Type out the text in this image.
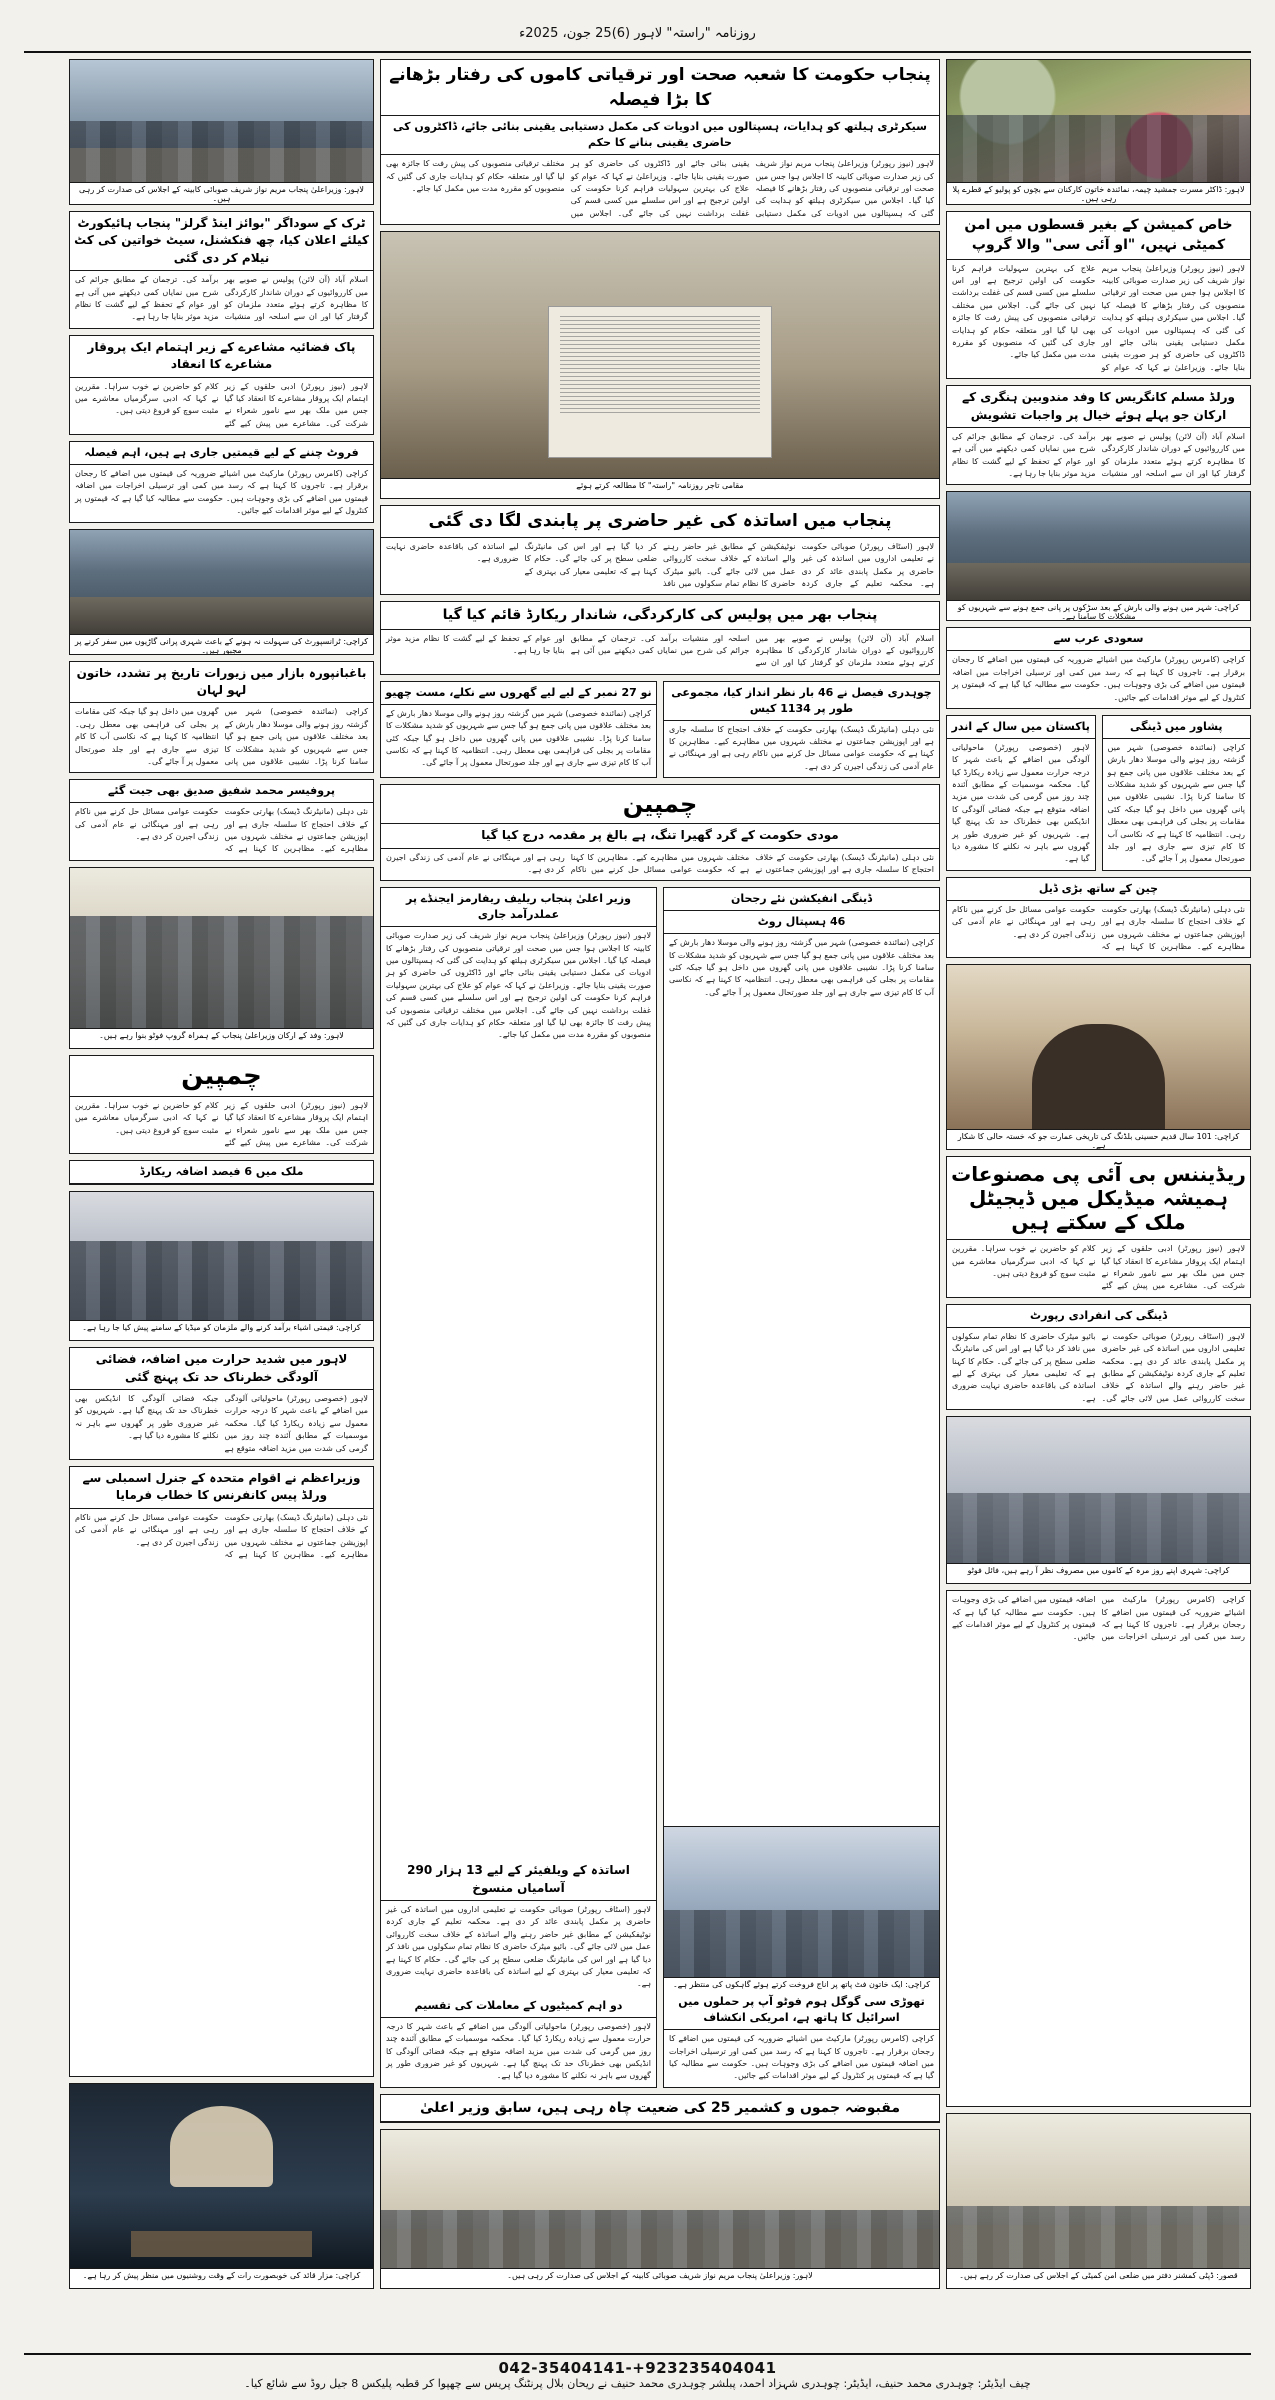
روزنامہ "راستہ" لاہور (6)25 جون، 2025ء
لاہور: ڈاکٹر مسرت جمشید چیمہ، نمائندہ خاتون کارکنان سے بچوں کو پولیو کے قطرے پلا رہی ہیں۔
خاص کمیشن کے بغیر قسطوں میں امن کمیٹی نہیں، "او آئی سی" والا گروپ
لاہور (نیوز رپورٹر) وزیراعلیٰ پنجاب مریم نواز شریف کی زیر صدارت صوبائی کابینہ کا اجلاس ہوا جس میں صحت اور ترقیاتی منصوبوں کی رفتار بڑھانے کا فیصلہ کیا گیا۔ اجلاس میں سیکرٹری ہیلتھ کو ہدایت کی گئی کہ ہسپتالوں میں ادویات کی مکمل دستیابی یقینی بنائی جائے اور ڈاکٹروں کی حاضری کو ہر صورت یقینی بنایا جائے۔ وزیراعلیٰ نے کہا کہ عوام کو علاج کی بہترین سہولیات فراہم کرنا حکومت کی اولین ترجیح ہے اور اس سلسلے میں کسی قسم کی غفلت برداشت نہیں کی جائے گی۔ اجلاس میں مختلف ترقیاتی منصوبوں کی پیش رفت کا جائزہ بھی لیا گیا اور متعلقہ حکام کو ہدایات جاری کی گئیں کہ منصوبوں کو مقررہ مدت میں مکمل کیا جائے۔
ورلڈ مسلم کانگریس کا وفد مندوبین ہنگری کے ارکان جو پہلے ہوئے خیال پر واجبات تشویش
اسلام آباد (آن لائن) پولیس نے صوبے بھر میں کارروائیوں کے دوران شاندار کارکردگی کا مظاہرہ کرتے ہوئے متعدد ملزمان کو گرفتار کیا اور ان سے اسلحہ اور منشیات برآمد کی۔ ترجمان کے مطابق جرائم کی شرح میں نمایاں کمی دیکھنے میں آئی ہے اور عوام کے تحفظ کے لیے گشت کا نظام مزید موثر بنایا جا رہا ہے۔
کراچی: شہر میں ہونے والی بارش کے بعد سڑکوں پر پانی جمع ہونے سے شہریوں کو مشکلات کا سامنا ہے۔
سعودی عرب سے
کراچی (کامرس رپورٹر) مارکیٹ میں اشیائے ضروریہ کی قیمتوں میں اضافے کا رجحان برقرار ہے۔ تاجروں کا کہنا ہے کہ رسد میں کمی اور ترسیلی اخراجات میں اضافہ قیمتوں میں اضافے کی بڑی وجوہات ہیں۔ حکومت سے مطالبہ کیا گیا ہے کہ قیمتوں پر کنٹرول کے لیے موثر اقدامات کیے جائیں۔
پشاور میں ڈینگی
کراچی (نمائندہ خصوصی) شہر میں گزشتہ روز ہونے والی موسلا دھار بارش کے بعد مختلف علاقوں میں پانی جمع ہو گیا جس سے شہریوں کو شدید مشکلات کا سامنا کرنا پڑا۔ نشیبی علاقوں میں پانی گھروں میں داخل ہو گیا جبکہ کئی مقامات پر بجلی کی فراہمی بھی معطل رہی۔ انتظامیہ کا کہنا ہے کہ نکاسی آب کا کام تیزی سے جاری ہے اور جلد صورتحال معمول پر آ جائے گی۔
پاکستان میں سال کے اندر
لاہور (خصوصی رپورٹر) ماحولیاتی آلودگی میں اضافے کے باعث شہر کا درجہ حرارت معمول سے زیادہ ریکارڈ کیا گیا۔ محکمہ موسمیات کے مطابق آئندہ چند روز میں گرمی کی شدت میں مزید اضافہ متوقع ہے جبکہ فضائی آلودگی کا انڈیکس بھی خطرناک حد تک پہنچ گیا ہے۔ شہریوں کو غیر ضروری طور پر گھروں سے باہر نہ نکلنے کا مشورہ دیا گیا ہے۔
چین کے ساتھ بڑی ڈیل
نئی دہلی (مانیٹرنگ ڈیسک) بھارتی حکومت کے خلاف احتجاج کا سلسلہ جاری ہے اور اپوزیشن جماعتوں نے مختلف شہروں میں مظاہرے کیے۔ مظاہرین کا کہنا ہے کہ حکومت عوامی مسائل حل کرنے میں ناکام رہی ہے اور مہنگائی نے عام آدمی کی زندگی اجیرن کر دی ہے۔
کراچی: 101 سال قدیم حسینی بلڈنگ کی تاریخی عمارت جو کہ خستہ حالی کا شکار ہے۔
ریڈیننس بی آئی پی مصنوعات ہمیشہ میڈیکل میں ڈیجیٹل ملک کے سکتے ہیں
لاہور (نیوز رپورٹر) ادبی حلقوں کے زیر اہتمام ایک پروقار مشاعرے کا انعقاد کیا گیا جس میں ملک بھر سے نامور شعراء نے شرکت کی۔ مشاعرے میں پیش کیے گئے کلام کو حاضرین نے خوب سراہا۔ مقررین نے کہا کہ ادبی سرگرمیاں معاشرے میں مثبت سوچ کو فروغ دیتی ہیں۔
ڈینگی کی انفرادی رپورٹ
لاہور (اسٹاف رپورٹر) صوبائی حکومت نے تعلیمی اداروں میں اساتذہ کی غیر حاضری پر مکمل پابندی عائد کر دی ہے۔ محکمہ تعلیم کے جاری کردہ نوٹیفکیشن کے مطابق غیر حاضر رہنے والے اساتذہ کے خلاف سخت کارروائی عمل میں لائی جائے گی۔ بائیو میٹرک حاضری کا نظام تمام سکولوں میں نافذ کر دیا گیا ہے اور اس کی مانیٹرنگ ضلعی سطح پر کی جائے گی۔ حکام کا کہنا ہے کہ تعلیمی معیار کی بہتری کے لیے اساتذہ کی باقاعدہ حاضری نہایت ضروری ہے۔
کراچی: شہری اپنے روز مرہ کے کاموں میں مصروف نظر آ رہے ہیں، فائل فوٹو
کراچی (کامرس رپورٹر) مارکیٹ میں اشیائے ضروریہ کی قیمتوں میں اضافے کا رجحان برقرار ہے۔ تاجروں کا کہنا ہے کہ رسد میں کمی اور ترسیلی اخراجات میں اضافہ قیمتوں میں اضافے کی بڑی وجوہات ہیں۔ حکومت سے مطالبہ کیا گیا ہے کہ قیمتوں پر کنٹرول کے لیے موثر اقدامات کیے جائیں۔
قصور: ڈپٹی کمشنر دفتر میں ضلعی امن کمیٹی کے اجلاس کی صدارت کر رہے ہیں۔
پنجاب حکومت کا شعبہ صحت اور ترقیاتی کاموں کی رفتار بڑھانے کا بڑا فیصلہ
سیکرٹری ہیلتھ کو ہدایات، ہسپتالوں میں ادویات کی مکمل دستیابی یقینی بنائی جائے، ڈاکٹروں کی حاضری یقینی بنانے کا حکم
لاہور (نیوز رپورٹر) وزیراعلیٰ پنجاب مریم نواز شریف کی زیر صدارت صوبائی کابینہ کا اجلاس ہوا جس میں صحت اور ترقیاتی منصوبوں کی رفتار بڑھانے کا فیصلہ کیا گیا۔ اجلاس میں سیکرٹری ہیلتھ کو ہدایت کی گئی کہ ہسپتالوں میں ادویات کی مکمل دستیابی یقینی بنائی جائے اور ڈاکٹروں کی حاضری کو ہر صورت یقینی بنایا جائے۔ وزیراعلیٰ نے کہا کہ عوام کو علاج کی بہترین سہولیات فراہم کرنا حکومت کی اولین ترجیح ہے اور اس سلسلے میں کسی قسم کی غفلت برداشت نہیں کی جائے گی۔ اجلاس میں مختلف ترقیاتی منصوبوں کی پیش رفت کا جائزہ بھی لیا گیا اور متعلقہ حکام کو ہدایات جاری کی گئیں کہ منصوبوں کو مقررہ مدت میں مکمل کیا جائے۔
مقامی تاجر روزنامہ "راستہ" کا مطالعہ کرتے ہوئے
پنجاب میں اساتذہ کی غیر حاضری پر پابندی لگا دی گئی
لاہور (اسٹاف رپورٹر) صوبائی حکومت نے تعلیمی اداروں میں اساتذہ کی غیر حاضری پر مکمل پابندی عائد کر دی ہے۔ محکمہ تعلیم کے جاری کردہ نوٹیفکیشن کے مطابق غیر حاضر رہنے والے اساتذہ کے خلاف سخت کارروائی عمل میں لائی جائے گی۔ بائیو میٹرک حاضری کا نظام تمام سکولوں میں نافذ کر دیا گیا ہے اور اس کی مانیٹرنگ ضلعی سطح پر کی جائے گی۔ حکام کا کہنا ہے کہ تعلیمی معیار کی بہتری کے لیے اساتذہ کی باقاعدہ حاضری نہایت ضروری ہے۔
پنجاب بھر میں پولیس کی کارکردگی، شاندار ریکارڈ قائم کیا گیا
اسلام آباد (آن لائن) پولیس نے صوبے بھر میں کارروائیوں کے دوران شاندار کارکردگی کا مظاہرہ کرتے ہوئے متعدد ملزمان کو گرفتار کیا اور ان سے اسلحہ اور منشیات برآمد کی۔ ترجمان کے مطابق جرائم کی شرح میں نمایاں کمی دیکھنے میں آئی ہے اور عوام کے تحفظ کے لیے گشت کا نظام مزید موثر بنایا جا رہا ہے۔
چوہدری فیصل نے 46 بار نظر انداز کیا، مجموعی طور پر 1134 کیس
نئی دہلی (مانیٹرنگ ڈیسک) بھارتی حکومت کے خلاف احتجاج کا سلسلہ جاری ہے اور اپوزیشن جماعتوں نے مختلف شہروں میں مظاہرے کیے۔ مظاہرین کا کہنا ہے کہ حکومت عوامی مسائل حل کرنے میں ناکام رہی ہے اور مہنگائی نے عام آدمی کی زندگی اجیرن کر دی ہے۔
نو 27 نمبر کے لیے لیے گھروں سے نکلے، مست چھیو
کراچی (نمائندہ خصوصی) شہر میں گزشتہ روز ہونے والی موسلا دھار بارش کے بعد مختلف علاقوں میں پانی جمع ہو گیا جس سے شہریوں کو شدید مشکلات کا سامنا کرنا پڑا۔ نشیبی علاقوں میں پانی گھروں میں داخل ہو گیا جبکہ کئی مقامات پر بجلی کی فراہمی بھی معطل رہی۔ انتظامیہ کا کہنا ہے کہ نکاسی آب کا کام تیزی سے جاری ہے اور جلد صورتحال معمول پر آ جائے گی۔
چمپین
مودی حکومت کے گرد گھیرا تنگ، ہے بالغ پر مقدمہ درج کیا گیا
نئی دہلی (مانیٹرنگ ڈیسک) بھارتی حکومت کے خلاف احتجاج کا سلسلہ جاری ہے اور اپوزیشن جماعتوں نے مختلف شہروں میں مظاہرے کیے۔ مظاہرین کا کہنا ہے کہ حکومت عوامی مسائل حل کرنے میں ناکام رہی ہے اور مہنگائی نے عام آدمی کی زندگی اجیرن کر دی ہے۔
ڈینگی انفیکشن نئے رجحان
46 ہسپتال روٹ
کراچی (نمائندہ خصوصی) شہر میں گزشتہ روز ہونے والی موسلا دھار بارش کے بعد مختلف علاقوں میں پانی جمع ہو گیا جس سے شہریوں کو شدید مشکلات کا سامنا کرنا پڑا۔ نشیبی علاقوں میں پانی گھروں میں داخل ہو گیا جبکہ کئی مقامات پر بجلی کی فراہمی بھی معطل رہی۔ انتظامیہ کا کہنا ہے کہ نکاسی آب کا کام تیزی سے جاری ہے اور جلد صورتحال معمول پر آ جائے گی۔
کراچی: ایک خاتون فٹ پاتھ پر اناج فروخت کرتے ہوئے گاہکوں کی منتظر ہے۔
تھوڑی سی گوگل ہوم فوٹو آپ پر حملوں میں اسرائیل کا ہاتھ ہے، امریکی انکشاف
کراچی (کامرس رپورٹر) مارکیٹ میں اشیائے ضروریہ کی قیمتوں میں اضافے کا رجحان برقرار ہے۔ تاجروں کا کہنا ہے کہ رسد میں کمی اور ترسیلی اخراجات میں اضافہ قیمتوں میں اضافے کی بڑی وجوہات ہیں۔ حکومت سے مطالبہ کیا گیا ہے کہ قیمتوں پر کنٹرول کے لیے موثر اقدامات کیے جائیں۔
وزیر اعلیٰ پنجاب ریلیف ریفارمز ایجنڈے پر عملدرآمد جاری
لاہور (نیوز رپورٹر) وزیراعلیٰ پنجاب مریم نواز شریف کی زیر صدارت صوبائی کابینہ کا اجلاس ہوا جس میں صحت اور ترقیاتی منصوبوں کی رفتار بڑھانے کا فیصلہ کیا گیا۔ اجلاس میں سیکرٹری ہیلتھ کو ہدایت کی گئی کہ ہسپتالوں میں ادویات کی مکمل دستیابی یقینی بنائی جائے اور ڈاکٹروں کی حاضری کو ہر صورت یقینی بنایا جائے۔ وزیراعلیٰ نے کہا کہ عوام کو علاج کی بہترین سہولیات فراہم کرنا حکومت کی اولین ترجیح ہے اور اس سلسلے میں کسی قسم کی غفلت برداشت نہیں کی جائے گی۔ اجلاس میں مختلف ترقیاتی منصوبوں کی پیش رفت کا جائزہ بھی لیا گیا اور متعلقہ حکام کو ہدایات جاری کی گئیں کہ منصوبوں کو مقررہ مدت میں مکمل کیا جائے۔
اساتذہ کے ویلفیئر کے لیے 13 ہزار 290 آسامیاں منسوخ
لاہور (اسٹاف رپورٹر) صوبائی حکومت نے تعلیمی اداروں میں اساتذہ کی غیر حاضری پر مکمل پابندی عائد کر دی ہے۔ محکمہ تعلیم کے جاری کردہ نوٹیفکیشن کے مطابق غیر حاضر رہنے والے اساتذہ کے خلاف سخت کارروائی عمل میں لائی جائے گی۔ بائیو میٹرک حاضری کا نظام تمام سکولوں میں نافذ کر دیا گیا ہے اور اس کی مانیٹرنگ ضلعی سطح پر کی جائے گی۔ حکام کا کہنا ہے کہ تعلیمی معیار کی بہتری کے لیے اساتذہ کی باقاعدہ حاضری نہایت ضروری ہے۔
دو اہم کمیٹیوں کے معاملات کی تقسیم
لاہور (خصوصی رپورٹر) ماحولیاتی آلودگی میں اضافے کے باعث شہر کا درجہ حرارت معمول سے زیادہ ریکارڈ کیا گیا۔ محکمہ موسمیات کے مطابق آئندہ چند روز میں گرمی کی شدت میں مزید اضافہ متوقع ہے جبکہ فضائی آلودگی کا انڈیکس بھی خطرناک حد تک پہنچ گیا ہے۔ شہریوں کو غیر ضروری طور پر گھروں سے باہر نہ نکلنے کا مشورہ دیا گیا ہے۔
مقبوضہ جموں و کشمیر 25 کی ضعیت چاہ رہی ہیں، سابق وزیر اعلیٰ
لاہور: وزیراعلیٰ پنجاب مریم نواز شریف صوبائی کابینہ کے اجلاس کی صدارت کر رہی ہیں۔
لاہور: وزیراعلیٰ پنجاب مریم نواز شریف صوبائی کابینہ کے اجلاس کی صدارت کر رہی ہیں۔
ٹرک کے سوداگر "بوائز اینڈ گرلز" پنجاب ہائیکورٹ کیلئے اعلان کیا، چھ فنکشنل، سیٹ خواتین کی کٹ نیلام کر دی گئی
اسلام آباد (آن لائن) پولیس نے صوبے بھر میں کارروائیوں کے دوران شاندار کارکردگی کا مظاہرہ کرتے ہوئے متعدد ملزمان کو گرفتار کیا اور ان سے اسلحہ اور منشیات برآمد کی۔ ترجمان کے مطابق جرائم کی شرح میں نمایاں کمی دیکھنے میں آئی ہے اور عوام کے تحفظ کے لیے گشت کا نظام مزید موثر بنایا جا رہا ہے۔
پاک فضائیہ مشاعرے کے زیر اہتمام ایک پروقار مشاعرے کا انعقاد
لاہور (نیوز رپورٹر) ادبی حلقوں کے زیر اہتمام ایک پروقار مشاعرے کا انعقاد کیا گیا جس میں ملک بھر سے نامور شعراء نے شرکت کی۔ مشاعرے میں پیش کیے گئے کلام کو حاضرین نے خوب سراہا۔ مقررین نے کہا کہ ادبی سرگرمیاں معاشرے میں مثبت سوچ کو فروغ دیتی ہیں۔
فروٹ چننے کے لیے قیمتیں جاری ہے ہیں، اہم فیصلہ
کراچی (کامرس رپورٹر) مارکیٹ میں اشیائے ضروریہ کی قیمتوں میں اضافے کا رجحان برقرار ہے۔ تاجروں کا کہنا ہے کہ رسد میں کمی اور ترسیلی اخراجات میں اضافہ قیمتوں میں اضافے کی بڑی وجوہات ہیں۔ حکومت سے مطالبہ کیا گیا ہے کہ قیمتوں پر کنٹرول کے لیے موثر اقدامات کیے جائیں۔
کراچی: ٹرانسپورٹ کی سہولت نہ ہونے کے باعث شہری پرانی گاڑیوں میں سفر کرنے پر مجبور ہیں۔
باغبانپورہ بازار میں زیورات تاریخ پر تشدد، خاتون لہو لہان
کراچی (نمائندہ خصوصی) شہر میں گزشتہ روز ہونے والی موسلا دھار بارش کے بعد مختلف علاقوں میں پانی جمع ہو گیا جس سے شہریوں کو شدید مشکلات کا سامنا کرنا پڑا۔ نشیبی علاقوں میں پانی گھروں میں داخل ہو گیا جبکہ کئی مقامات پر بجلی کی فراہمی بھی معطل رہی۔ انتظامیہ کا کہنا ہے کہ نکاسی آب کا کام تیزی سے جاری ہے اور جلد صورتحال معمول پر آ جائے گی۔
پروفیسر محمد شفیق صدیق بھی جیت گئے
نئی دہلی (مانیٹرنگ ڈیسک) بھارتی حکومت کے خلاف احتجاج کا سلسلہ جاری ہے اور اپوزیشن جماعتوں نے مختلف شہروں میں مظاہرے کیے۔ مظاہرین کا کہنا ہے کہ حکومت عوامی مسائل حل کرنے میں ناکام رہی ہے اور مہنگائی نے عام آدمی کی زندگی اجیرن کر دی ہے۔
لاہور: وفد کے ارکان وزیراعلیٰ پنجاب کے ہمراہ گروپ فوٹو بنوا رہے ہیں۔
چمپین
لاہور (نیوز رپورٹر) ادبی حلقوں کے زیر اہتمام ایک پروقار مشاعرے کا انعقاد کیا گیا جس میں ملک بھر سے نامور شعراء نے شرکت کی۔ مشاعرے میں پیش کیے گئے کلام کو حاضرین نے خوب سراہا۔ مقررین نے کہا کہ ادبی سرگرمیاں معاشرے میں مثبت سوچ کو فروغ دیتی ہیں۔
ملک میں 6 فیصد اضافہ ریکارڈ
کراچی: قیمتی اشیاء برآمد کرنے والے ملزمان کو میڈیا کے سامنے پیش کیا جا رہا ہے۔
لاہور میں شدید حرارت میں اضافہ، فضائی آلودگی خطرناک حد تک پہنچ گئی
لاہور (خصوصی رپورٹر) ماحولیاتی آلودگی میں اضافے کے باعث شہر کا درجہ حرارت معمول سے زیادہ ریکارڈ کیا گیا۔ محکمہ موسمیات کے مطابق آئندہ چند روز میں گرمی کی شدت میں مزید اضافہ متوقع ہے جبکہ فضائی آلودگی کا انڈیکس بھی خطرناک حد تک پہنچ گیا ہے۔ شہریوں کو غیر ضروری طور پر گھروں سے باہر نہ نکلنے کا مشورہ دیا گیا ہے۔
وزیراعظم نے اقوام متحدہ کے جنرل اسمبلی سے ورلڈ پیس کانفرنس کا خطاب فرمایا
نئی دہلی (مانیٹرنگ ڈیسک) بھارتی حکومت کے خلاف احتجاج کا سلسلہ جاری ہے اور اپوزیشن جماعتوں نے مختلف شہروں میں مظاہرے کیے۔ مظاہرین کا کہنا ہے کہ حکومت عوامی مسائل حل کرنے میں ناکام رہی ہے اور مہنگائی نے عام آدمی کی زندگی اجیرن کر دی ہے۔
کراچی: مزار قائد کی خوبصورت رات کے وقت روشنیوں میں منظر پیش کر رہا ہے۔
042-35404141-+923235404041
چیف ایڈیٹر: چوہدری محمد حنیف، ایڈیٹر: چوہدری شہزاد احمد، پبلشر چوہدری محمد حنیف نے ریحان بلال پرنٹنگ پریس سے چھپوا کر قطبہ پلیکس 8 جیل روڈ سے شائع کیا۔
